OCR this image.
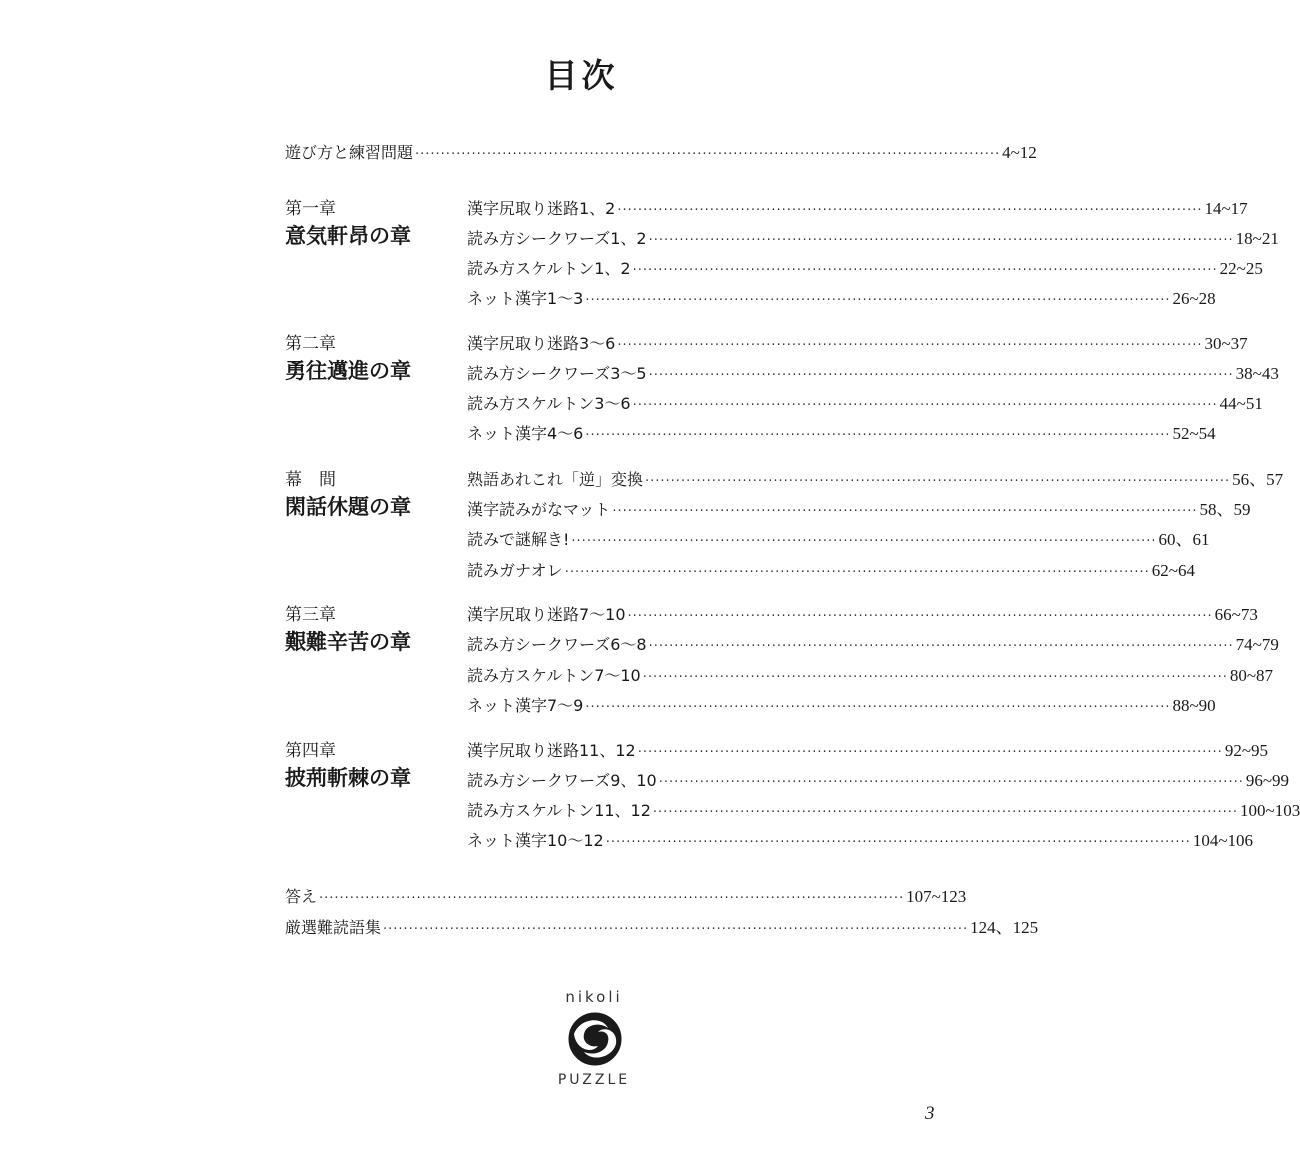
目次
遊び方と練習問題 ·················································································································· 4~12
第一章
意気軒昂の章
漢字尻取り迷路1、2 ·················································································································· 14~17
読み方シークワーズ1、2 ·················································································································· 18~21
読み方スケルトン1、2 ·················································································································· 22~25
ネット漢字1〜3 ·················································································································· 26~28
第二章
勇往邁進の章
漢字尻取り迷路3〜6 ·················································································································· 30~37
読み方シークワーズ3〜5 ·················································································································· 38~43
読み方スケルトン3〜6 ·················································································································· 44~51
ネット漢字4〜6 ·················································································································· 52~54
幕　間
閑話休題の章
熟語あれこれ「逆」変換 ·················································································································· 56、57
漢字読みがなマット ·················································································································· 58、59
読みで謎解き! ·················································································································· 60、61
読みガナオレ ·················································································································· 62~64
第三章
艱難辛苦の章
漢字尻取り迷路7〜10 ·················································································································· 66~73
読み方シークワーズ6〜8 ·················································································································· 74~79
読み方スケルトン7〜10 ·················································································································· 80~87
ネット漢字7〜9 ·················································································································· 88~90
第四章
披荊斬棘の章
漢字尻取り迷路11、12 ·················································································································· 92~95
読み方シークワーズ9、10 ·················································································································· 96~99
読み方スケルトン11、12 ·················································································································· 100~103
ネット漢字10〜12 ·················································································································· 104~106
答え ·················································································································· 107~123
厳選難読語集 ·················································································································· 124、125
nikoli
PUZZLE
3
